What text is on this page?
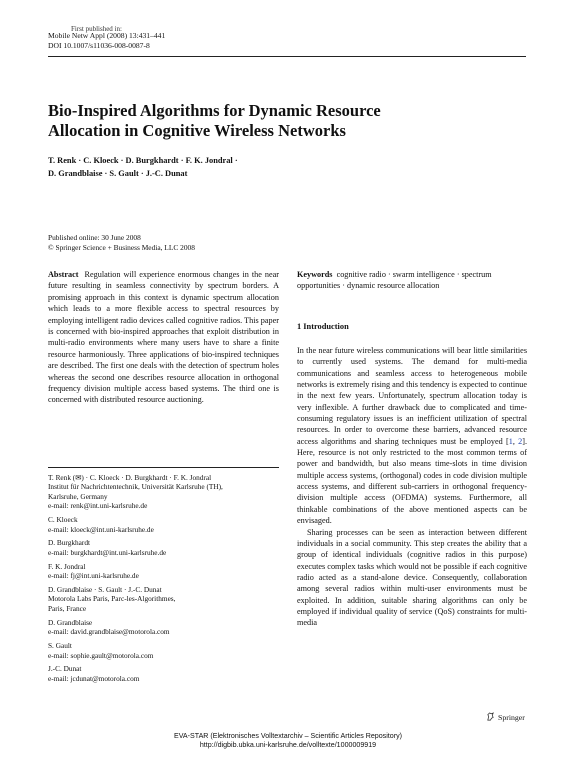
First published in:
Mobile Netw Appl (2008) 13:431–441
DOI 10.1007/s11036-008-0087-8
Bio-Inspired Algorithms for Dynamic Resource
Allocation in Cognitive Wireless Networks
T. Renk · C. Kloeck · D. Burgkhardt · F. K. Jondral ·
D. Grandblaise · S. Gault · J.-C. Dunat
Published online: 30 June 2008
© Springer Science + Business Media, LLC 2008
Abstract Regulation will experience enormous changes in the near future resulting in seamless connectivity by spectrum borders. A promising approach in this context is dynamic spectrum allocation which leads to a more flexible access to spectral resources by employing intelligent radio devices called cognitive radios. This paper is concerned with bio-inspired approaches that exploit distribution in multi-radio environments where many users have to share a finite resource harmoniously. Three applications of bio-inspired techniques are described. The first one deals with the detection of spectrum holes whereas the second one describes resource allocation in orthogonal frequency division multiple access based systems. The third one is concerned with distributed resource auctioning.
Keywords cognitive radio · swarm intelligence · spectrum opportunities · dynamic resource allocation
T. Renk (✉) · C. Kloeck · D. Burgkhardt · F. K. Jondral
Institut für Nachrichtentechnik, Universität Karlsruhe (TH),
Karlsruhe, Germany
e-mail: renk@int.uni-karlsruhe.de
C. Kloeck
e-mail: kloeck@int.uni-karlsruhe.de
D. Burgkhardt
e-mail: burgkhardt@int.uni-karlsruhe.de
F. K. Jondral
e-mail: fj@int.uni-karlsruhe.de
D. Grandblaise · S. Gault · J.-C. Dunat
Motorola Labs Paris, Parc-les-Algorithmes,
Paris, France
D. Grandblaise
e-mail: david.grandblaise@motorola.com
S. Gault
e-mail: sophie.gault@motorola.com
J.-C. Dunat
e-mail: jcdunat@motorola.com
1 Introduction

In the near future wireless communications will bear little similarities to currently used systems. The demand for multi-media communications and seamless access to heterogeneous mobile networks is extremely rising and this tendency is expected to continue in the next few years. Unfortunately, spectrum allocation today is very inflexible. A further drawback due to complicated and time-consuming regulatory issues is an inefficient utilization of spectral resources. In order to overcome these barriers, advanced resource access algorithms and sharing techniques must be employed [1, 2]. Here, resource is not only restricted to the most common terms of power and bandwidth, but also means time-slots in time division multiple access systems, (orthogonal) codes in code division multiple access systems, and different sub-carriers in orthogonal frequency-division multiple access (OFDMA) systems. Furthermore, all thinkable combinations of the above mentioned aspects can be envisaged.

Sharing processes can be seen as interaction between different individuals in a social community. This step creates the ability that a group of identical individuals (cognitive radios in this purpose) executes complex tasks which would not be possible if each cognitive radio acted as a stand-alone device. Consequently, collaboration among several radios within multi-user environments must be exploited. In addition, suitable sharing algorithms can only be employed if individual quality of service (QoS) constraints for multi-media

Springer
EVA-STAR (Elektronisches Volltextarchiv – Scientific Articles Repository)
http://digbib.ubka.uni-karlsruhe.de/volltexte/1000009919
